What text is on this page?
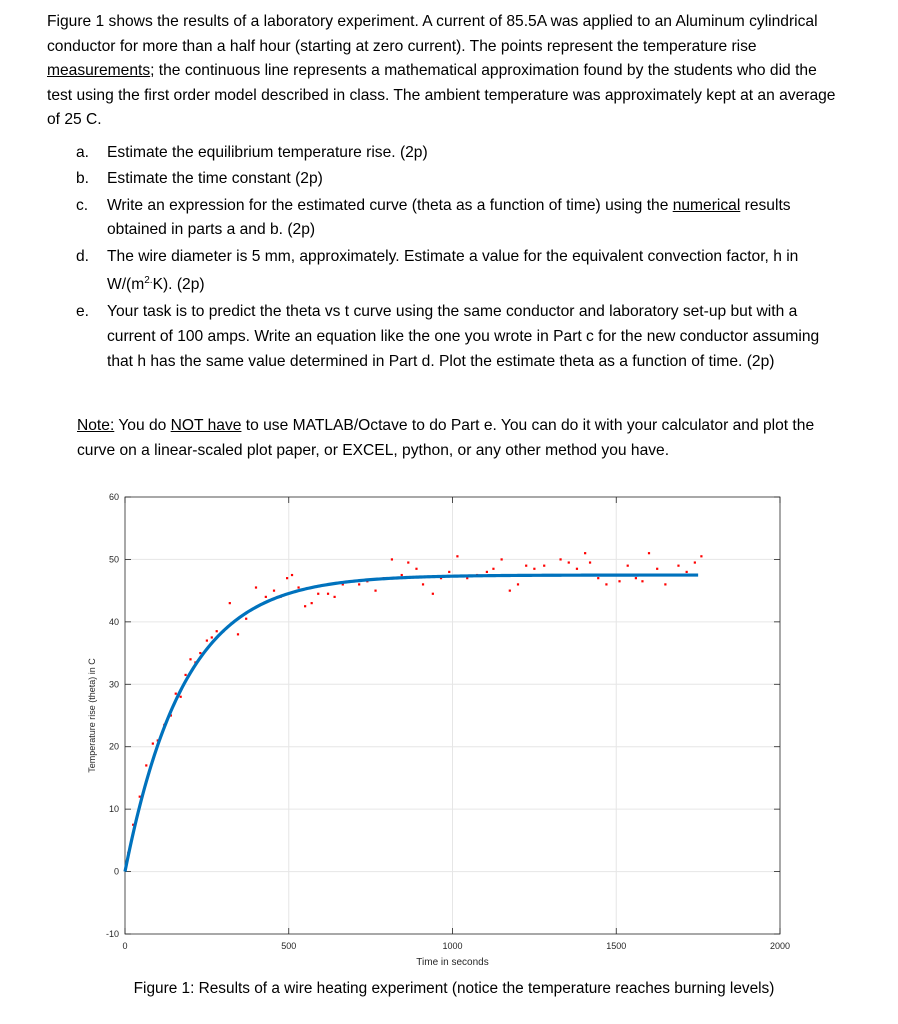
Figure 1 shows the results of a laboratory experiment. A current of 85.5A was applied to an Aluminum cylindrical conductor for more than a half hour (starting at zero current). The points represent the temperature rise measurements; the continuous line represents a mathematical approximation found by the students who did the test using the first order model described in class. The ambient temperature was approximately kept at an average of 25 C.
a. Estimate the equilibrium temperature rise. (2p)
b. Estimate the time constant (2p)
c. Write an expression for the estimated curve (theta as a function of time) using the numerical results obtained in parts a and b. (2p)
d. The wire diameter is 5 mm, approximately. Estimate a value for the equivalent convection factor, h in $W/(m^{2.}K)$. (2p)
e. Your task is to predict the theta vs t curve using the same conductor and laboratory set-up but with a current of 100 amps. Write an equation like the one you wrote in Part c for the new conductor assuming that h has the same value determined in Part d. Plot the estimate theta as a function of time. (2p)
Note: You do NOT have to use MATLAB/Octave to do Part e. You can do it with your calculator and plot the curve on a linear-scaled plot paper, or EXCEL, python, or any other method you have.
0	500	1000	1500	2000
-10
0
10
20
30
40
50
60
Time in seconds
Temperature rise (theta) in C
Figure 1: Results of a wire heating experiment (notice the temperature reaches burning levels)
